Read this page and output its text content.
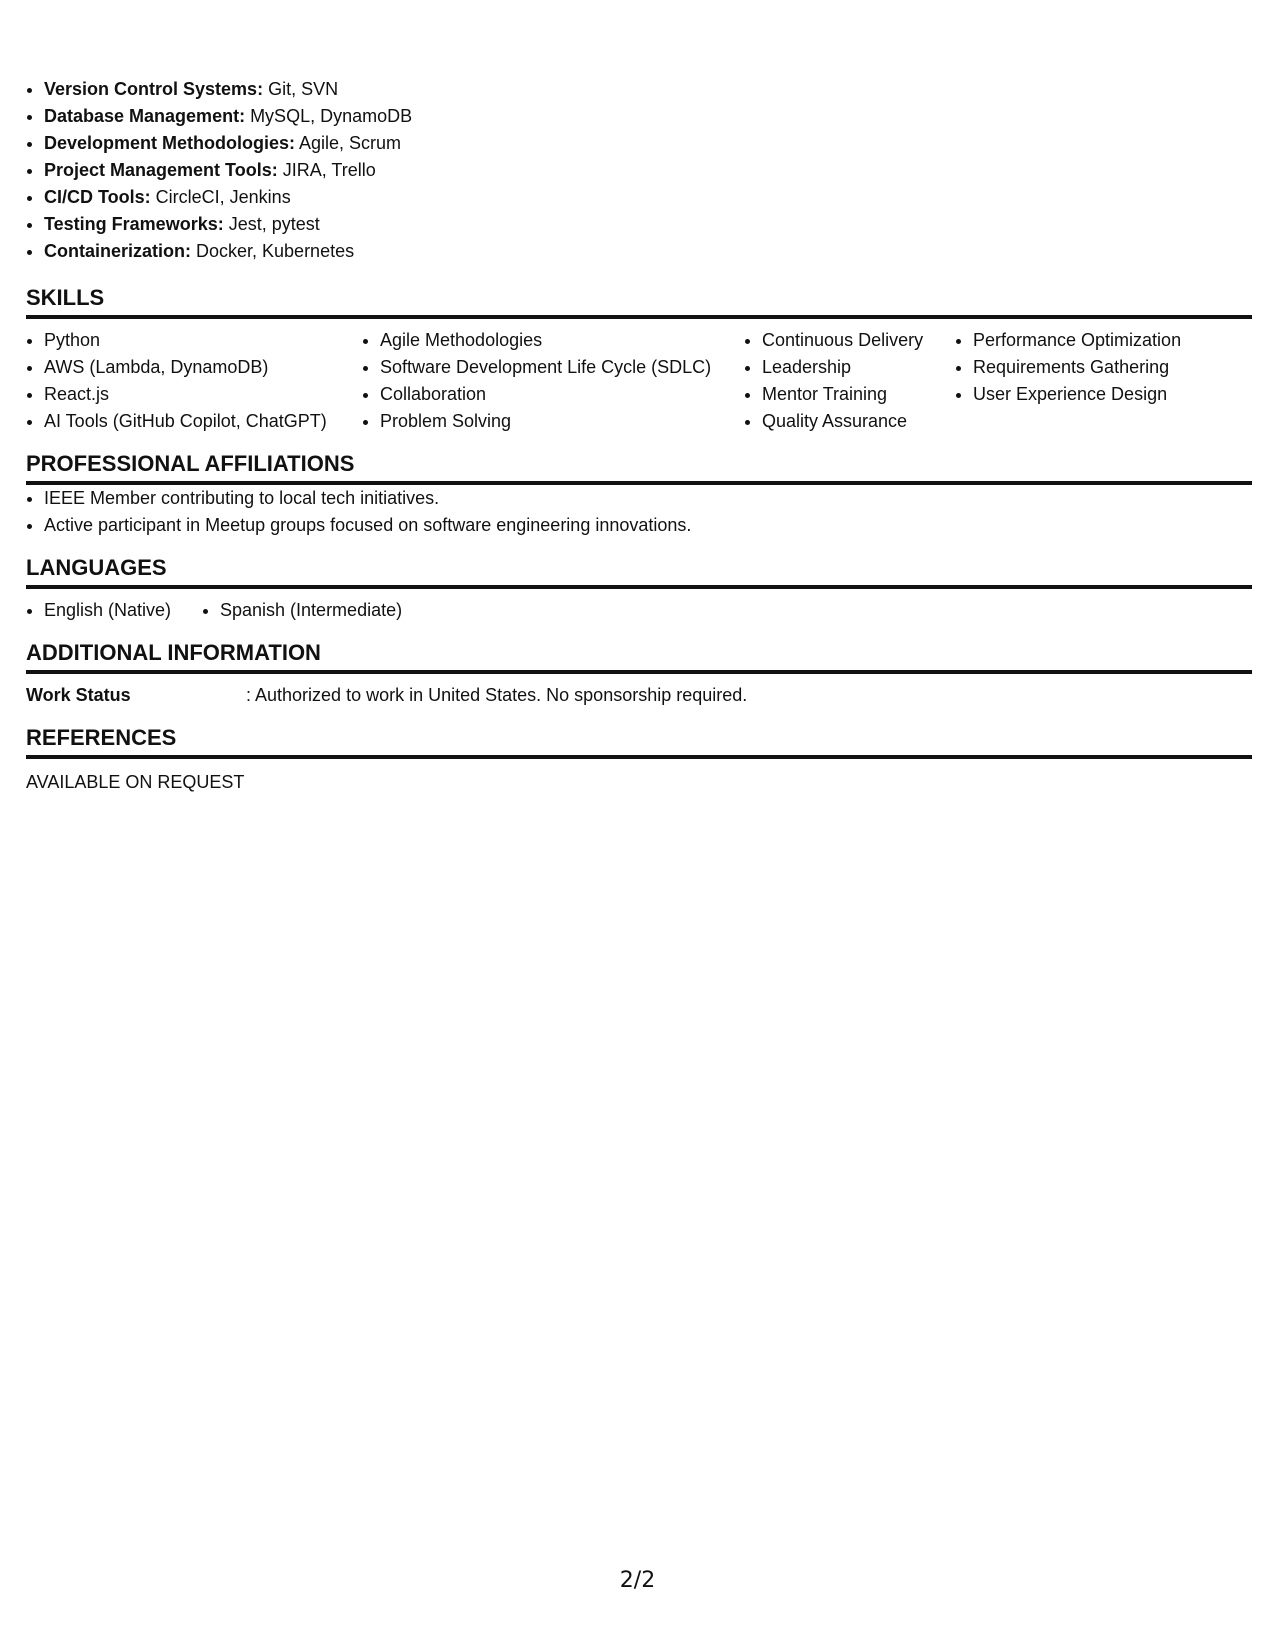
• Version Control Systems: Git, SVN
• Database Management: MySQL, DynamoDB
• Development Methodologies: Agile, Scrum
• Project Management Tools: JIRA, Trello
• CI/CD Tools: CircleCI, Jenkins
• Testing Frameworks: Jest, pytest
• Containerization: Docker, Kubernetes
SKILLS
• Python
• AWS (Lambda, DynamoDB)
• React.js
• AI Tools (GitHub Copilot, ChatGPT)
• Agile Methodologies
• Software Development Life Cycle (SDLC)
• Collaboration
• Problem Solving
• Continuous Delivery
• Leadership
• Mentor Training
• Quality Assurance
• Performance Optimization
• Requirements Gathering
• User Experience Design
PROFESSIONAL AFFILIATIONS
• IEEE Member contributing to local tech initiatives.
• Active participant in Meetup groups focused on software engineering innovations.
LANGUAGES
• English (Native)
•	Spanish (Intermediate)
ADDITIONAL INFORMATION
Work Status	: Authorized to work in United States. No sponsorship required.
REFERENCES
AVAILABLE ON REQUEST
2/2
